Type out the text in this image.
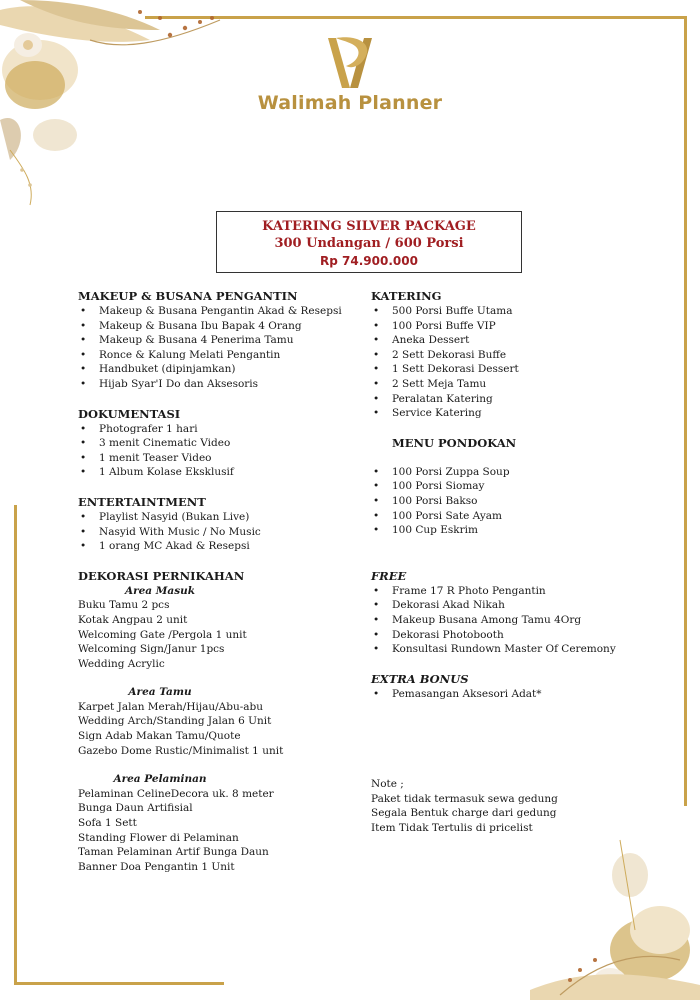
Walimah Planner
KATERING SILVER PACKAGE
300 Undangan / 600 Porsi
Rp 74.900.000
MAKEUP & BUSANA PENGANTIN
• Makeup & Busana Pengantin Akad & Resepsi
• Makeup & Busana Ibu Bapak 4 Orang
• Makeup & Busana 4 Penerima Tamu
• Ronce & Kalung Melati Pengantin
• Handbuket (dipinjamkan)
• Hijab Syar'I Do dan Aksesoris
DOKUMENTASI
• Photografer 1 hari
• 3 menit Cinematic Video
• 1 menit Teaser Video
• 1 Album Kolase Eksklusif
ENTERTAINTMENT
• Playlist Nasyid (Bukan Live)
• Nasyid With Music / No Music
• 1 orang MC Akad & Resepsi
DEKORASI PERNIKAHAN
Area Masuk
Buku Tamu 2 pcs
Kotak Angpau 2 unit
Welcoming Gate /Pergola 1 unit
Welcoming Sign/Janur 1pcs
Wedding Acrylic
Area Tamu
Karpet Jalan Merah/Hijau/Abu-abu
Wedding Arch/Standing Jalan 6 Unit
Sign Adab Makan Tamu/Quote
Gazebo Dome Rustic/Minimalist 1 unit
Area Pelaminan
Pelaminan CelineDecora uk. 8 meter
Bunga Daun Artifisial
Sofa 1 Sett
Standing Flower di Pelaminan
Taman Pelaminan Artif Bunga Daun
Banner Doa Pengantin 1 Unit
KATERING
• 500 Porsi Buffe Utama
• 100 Porsi Buffe VIP
• Aneka Dessert
• 2 Sett Dekorasi Buffe
• 1 Sett Dekorasi Dessert
• 2 Sett Meja Tamu
• Peralatan Katering
• Service Katering
MENU PONDOKAN
• 100 Porsi Zuppa Soup
• 100 Porsi Siomay
• 100 Porsi Bakso
• 100 Porsi Sate Ayam
• 100 Cup Eskrim
FREE
• Frame 17 R Photo Pengantin
• Dekorasi Akad Nikah
• Makeup Busana Among Tamu 4Org
• Dekorasi Photobooth
• Konsultasi Rundown Master Of Ceremony
EXTRA BONUS
• Pemasangan Aksesori Adat*
Note ;
Paket tidak termasuk sewa gedung
Segala Bentuk charge dari gedung
Item Tidak Tertulis di pricelist
